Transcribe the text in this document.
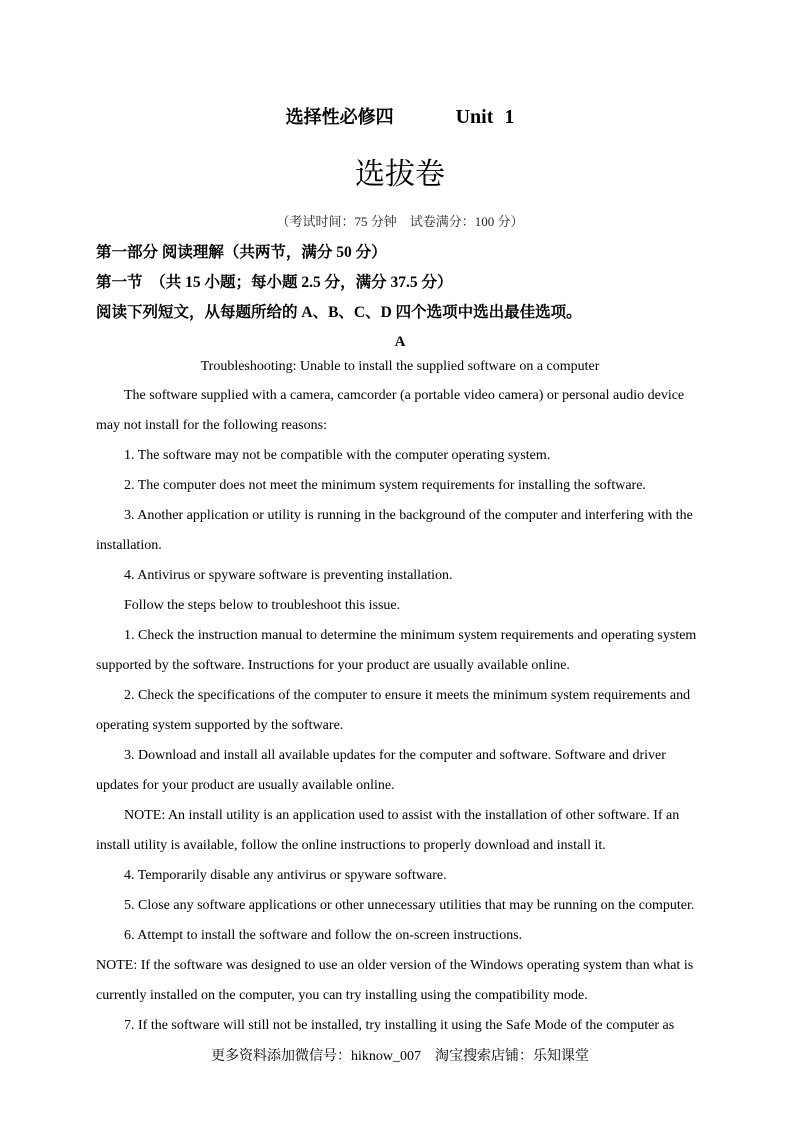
选择性必修四	Unit 1
选拔卷
（考试时间：75 分钟　试卷满分：100 分）
第一部分 阅读理解（共两节，满分 50 分）
第一节　（共 15 小题；每小题 2.5 分，满分 37.5 分）
阅读下列短文，从每题所给的 A、B、C、D 四个选项中选出最佳选项。
A
Troubleshooting: Unable to install the supplied software on a computer
The software supplied with a camera, camcorder (a portable video camera) or personal audio device
may not install for the following reasons:
1. The software may not be compatible with the computer operating system.
2. The computer does not meet the minimum system requirements for installing the software.
3. Another application or utility is running in the background of the computer and interfering with the
installation.
4. Antivirus or spyware software is preventing installation.
Follow the steps below to troubleshoot this issue.
1. Check the instruction manual to determine the minimum system requirements and operating system
supported by the software. Instructions for your product are usually available online.
2. Check the specifications of the computer to ensure it meets the minimum system requirements and
operating system supported by the software.
3. Download and install all available updates for the computer and software. Software and driver
updates for your product are usually available online.
NOTE: An install utility is an application used to assist with the installation of other software. If an
install utility is available, follow the online instructions to properly download and install it.
4. Temporarily disable any antivirus or spyware software.
5. Close any software applications or other unnecessary utilities that may be running on the computer.
6. Attempt to install the software and follow the on-screen instructions.
NOTE: If the software was designed to use an older version of the Windows operating system than what is
currently installed on the computer, you can try installing using the compatibility mode.
7. If the software will still not be installed, try installing it using the Safe Mode of the computer as
更多资料添加微信号：hiknow_007　淘宝搜索店铺：乐知课堂
